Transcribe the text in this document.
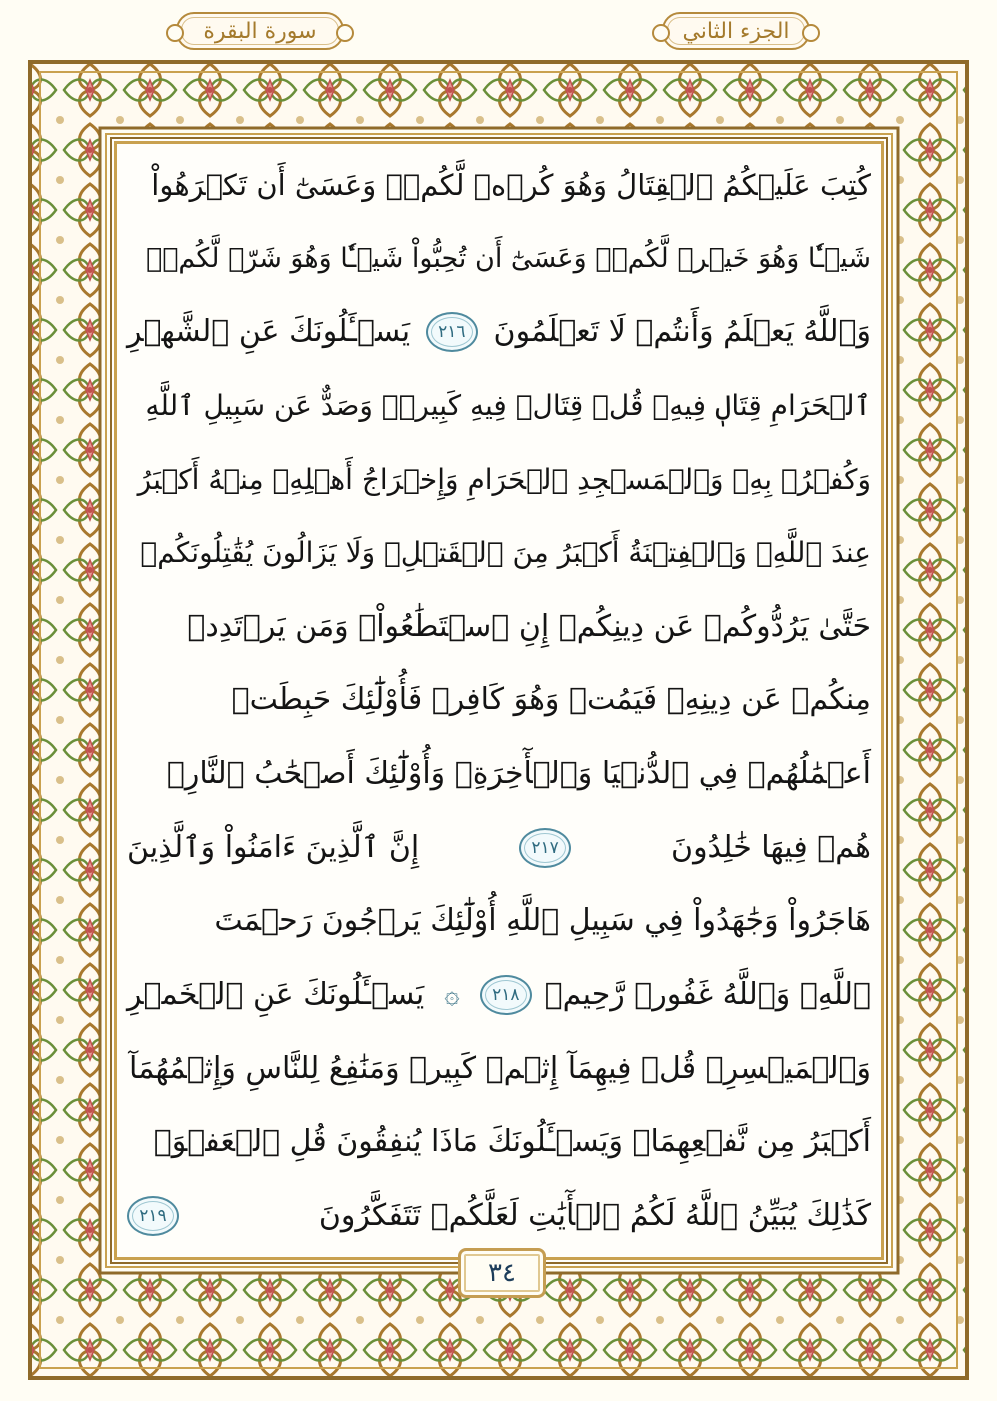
الجزء الثاني
سورة البقرة
كُتِبَ عَلَيۡكُمُ ٱلۡقِتَالُ وَهُوَ كُرۡهٞ لَّكُمۡۖ وَعَسَىٰٓ أَن تَكۡرَهُواْ
شَيۡـٔٗا وَهُوَ خَيۡرٞ لَّكُمۡۖ وَعَسَىٰٓ أَن تُحِبُّواْ شَيۡـٔٗا وَهُوَ شَرّٞ لَّكُمۡۚ
وَٱللَّهُ يَعۡلَمُ وَأَنتُمۡ لَا تَعۡلَمُونَ
٢١٦
يَسۡـَٔلُونَكَ عَنِ ٱلشَّهۡرِ
ٱلۡحَرَامِ قِتَالٖ فِيهِۖ قُلۡ قِتَالٞ فِيهِ كَبِيرٞۚ وَصَدٌّ عَن سَبِيلِ ٱللَّهِ
وَكُفۡرُۢ بِهِۦ وَٱلۡمَسۡجِدِ ٱلۡحَرَامِ وَإِخۡرَاجُ أَهۡلِهِۦ مِنۡهُ أَكۡبَرُ
عِندَ ٱللَّهِۚ وَٱلۡفِتۡنَةُ أَكۡبَرُ مِنَ ٱلۡقَتۡلِۗ وَلَا يَزَالُونَ يُقَٰتِلُونَكُمۡ
حَتَّىٰ يَرُدُّوكُمۡ عَن دِينِكُمۡ إِنِ ٱسۡتَطَٰعُواْۚ وَمَن يَرۡتَدِدۡ
مِنكُمۡ عَن دِينِهِۦ فَيَمُتۡ وَهُوَ كَافِرٞ فَأُوْلَٰٓئِكَ حَبِطَتۡ
أَعۡمَٰلُهُمۡ فِي ٱلدُّنۡيَا وَٱلۡأٓخِرَةِۖ وَأُوْلَٰٓئِكَ أَصۡحَٰبُ ٱلنَّارِۖ
هُمۡ فِيهَا خَٰلِدُونَ
٢١٧
إِنَّ ٱلَّذِينَ ءَامَنُواْ وَٱلَّذِينَ
هَاجَرُواْ وَجَٰهَدُواْ فِي سَبِيلِ ٱللَّهِ أُوْلَٰٓئِكَ يَرۡجُونَ رَحۡمَتَ
ٱللَّهِۚ وَٱللَّهُ غَفُورٞ رَّحِيمٞ
٢١٨
۞
يَسۡـَٔلُونَكَ عَنِ ٱلۡخَمۡرِ
وَٱلۡمَيۡسِرِۖ قُلۡ فِيهِمَآ إِثۡمٞ كَبِيرٞ وَمَنَٰفِعُ لِلنَّاسِ وَإِثۡمُهُمَآ
أَكۡبَرُ مِن نَّفۡعِهِمَاۗ وَيَسۡـَٔلُونَكَ مَاذَا يُنفِقُونَ قُلِ ٱلۡعَفۡوَۗ
كَذَٰلِكَ يُبَيِّنُ ٱللَّهُ لَكُمُ ٱلۡأٓيَٰتِ لَعَلَّكُمۡ تَتَفَكَّرُونَ
٢١٩
٣٤
